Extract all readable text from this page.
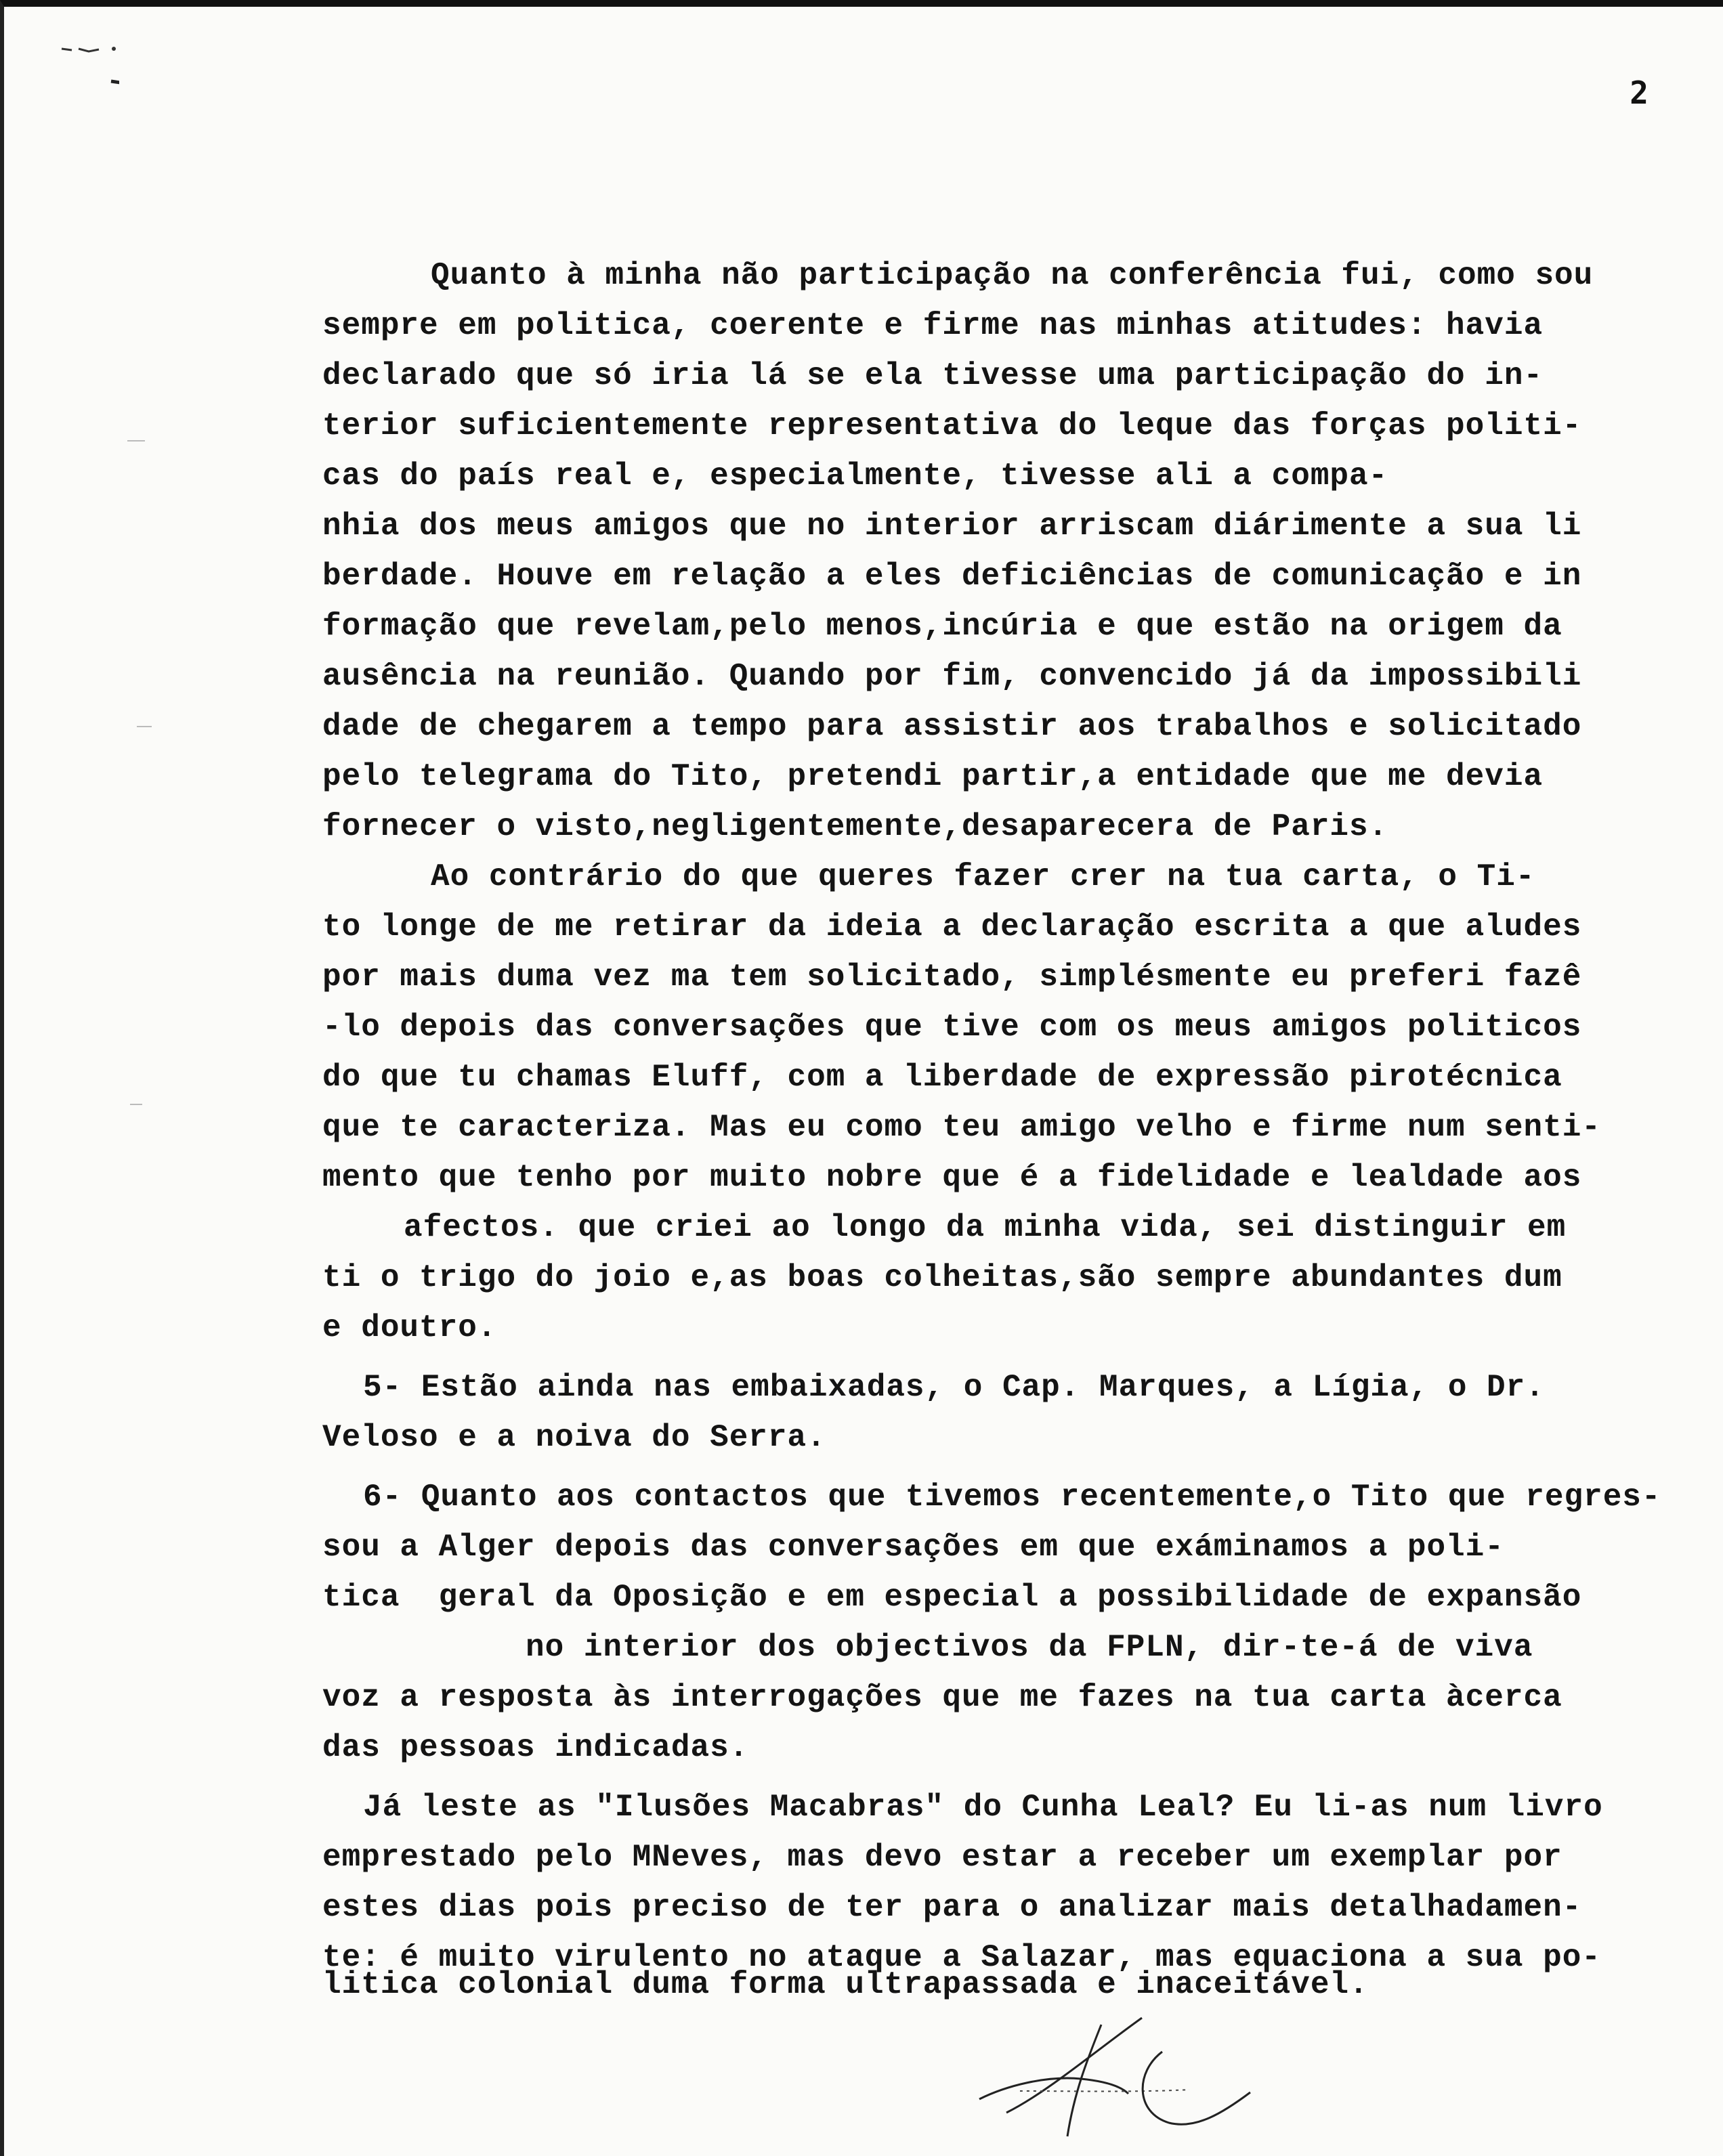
2
Quanto à minha não participação na conferência fui, como sou
sempre em politica, coerente e firme nas minhas atitudes: havia
declarado que só iria lá se ela tivesse uma participação do in-
terior suficientemente representativa do leque das forças politi-
cas do país real e, especialmente, tivesse ali a compa-
nhia dos meus amigos que no interior arriscam diárimente a sua li
berdade. Houve em relação a eles deficiências de comunicação e in
formação que revelam,pelo menos,incúria e que estão na origem da
ausência na reunião. Quando por fim, convencido já da impossibili
dade de chegarem a tempo para assistir aos trabalhos e solicitado
pelo telegrama do Tito, pretendi partir,a entidade que me devia
fornecer o visto,negligentemente,desaparecera de Paris.
Ao contrário do que queres fazer crer na tua carta, o Ti-
to longe de me retirar da ideia a declaração escrita a que aludes
por mais duma vez ma tem solicitado, simplésmente eu preferi fazê
-lo depois das conversações que tive com os meus amigos politicos
do que tu chamas Eluff, com a liberdade de expressão pirotécnica
que te caracteriza. Mas eu como teu amigo velho e firme num senti-
mento que tenho por muito nobre que é a fidelidade e lealdade aos
afectos. que criei ao longo da minha vida, sei distinguir em
ti o trigo do joio e,as boas colheitas,são sempre abundantes dum
e doutro.
5- Estão ainda nas embaixadas, o Cap. Marques, a Lígia, o Dr.
Veloso e a noiva do Serra.
6- Quanto aos contactos que tivemos recentemente,o Tito que regres-
sou a Alger depois das conversações em que exáminamos a poli-
tica  geral da Oposição e em especial a possibilidade de expansão
no interior dos objectivos da FPLN, dir-te-á de viva
voz a resposta às interrogações que me fazes na tua carta àcerca
das pessoas indicadas.
Já leste as "Ilusões Macabras" do Cunha Leal? Eu li-as num livro
emprestado pelo MNeves, mas devo estar a receber um exemplar por
estes dias pois preciso de ter para o analizar mais detalhadamen-
te: é muito virulento no ataque a Salazar, mas equaciona a sua po-
litica colonial duma forma ultrapassada e inaceitável.
